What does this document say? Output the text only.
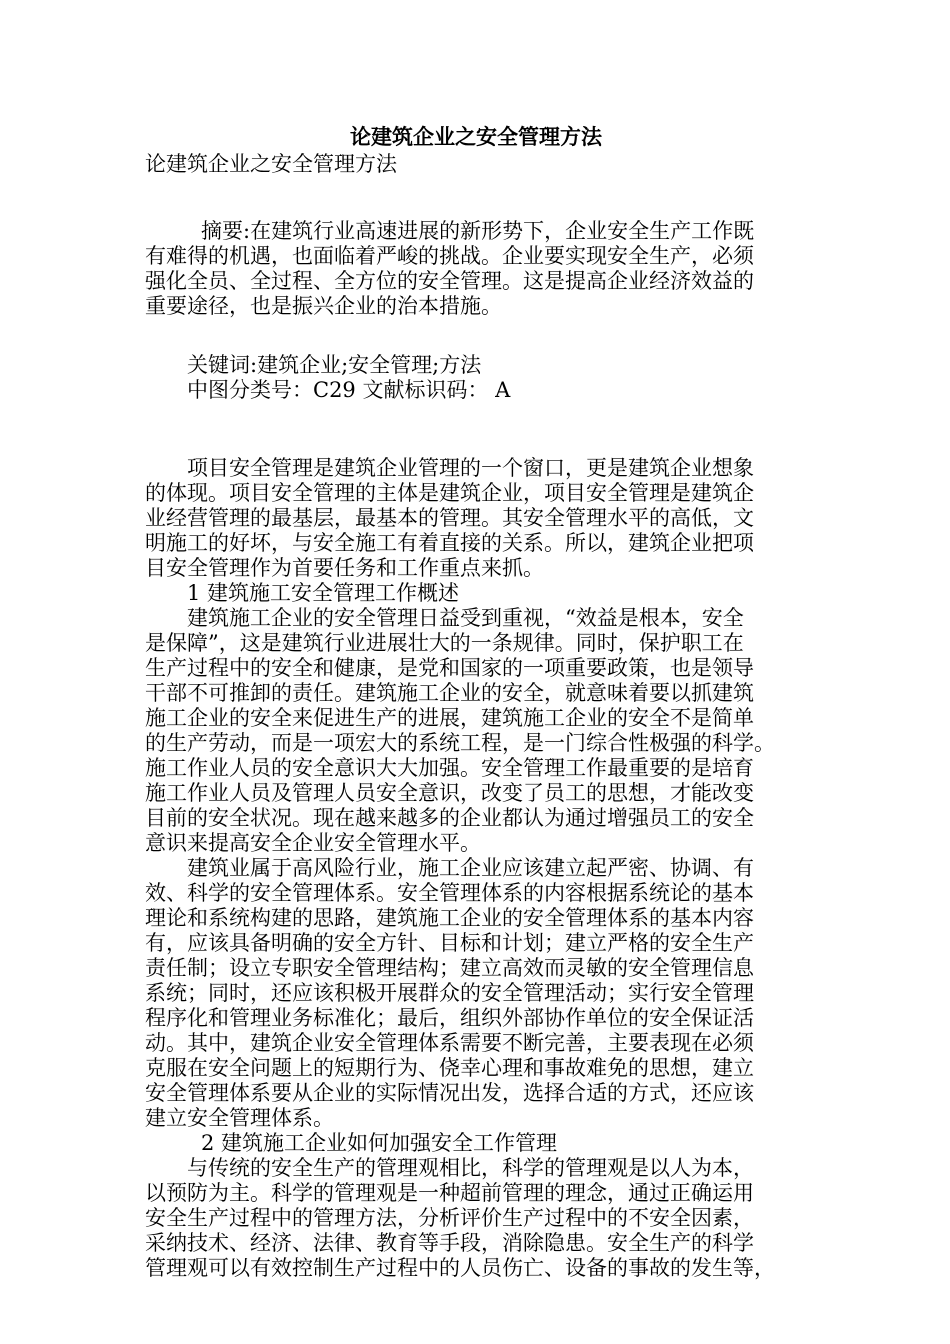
论建筑企业之安全管理方法
论建筑企业之安全管理方法
摘要:在建筑行业高速进展的新形势下，企业安全生产工作既
有难得的机遇，也面临着严峻的挑战。企业要实现安全生产，必须
强化全员、全过程、全方位的安全管理。这是提高企业经济效益的
重要途径，也是振兴企业的治本措施。
关键词:建筑企业;安全管理;方法
中图分类号：C29 文献标识码： A
项目安全管理是建筑企业管理的一个窗口，更是建筑企业想象
的体现。项目安全管理的主体是建筑企业，项目安全管理是建筑企
业经营管理的最基层，最基本的管理。其安全管理水平的高低，文
明施工的好坏，与安全施工有着直接的关系。所以，建筑企业把项
目安全管理作为首要任务和工作重点来抓。
1 建筑施工安全管理工作概述
建筑施工企业的安全管理日益受到重视，“效益是根本，安全
是保障”，这是建筑行业进展壮大的一条规律。同时，保护职工在
生产过程中的安全和健康，是党和国家的一项重要政策，也是领导
干部不可推卸的责任。建筑施工企业的安全，就意味着要以抓建筑
施工企业的安全来促进生产的进展，建筑施工企业的安全不是简单
的生产劳动，而是一项宏大的系统工程，是一门综合性极强的科学。
施工作业人员的安全意识大大加强。安全管理工作最重要的是培育
施工作业人员及管理人员安全意识，改变了员工的思想，才能改变
目前的安全状况。现在越来越多的企业都认为通过增强员工的安全
意识来提高安全企业安全管理水平。
建筑业属于高风险行业，施工企业应该建立起严密、协调、有
效、科学的安全管理体系。安全管理体系的内容根据系统论的基本
理论和系统构建的思路，建筑施工企业的安全管理体系的基本内容
有，应该具备明确的安全方针、目标和计划；建立严格的安全生产
责任制；设立专职安全管理结构；建立高效而灵敏的安全管理信息
系统；同时，还应该积极开展群众的安全管理活动；实行安全管理
程序化和管理业务标准化；最后，组织外部协作单位的安全保证活
动。其中，建筑企业安全管理体系需要不断完善，主要表现在必须
克服在安全问题上的短期行为、侥幸心理和事故难免的思想，建立
安全管理体系要从企业的实际情况出发，选择合适的方式，还应该
建立安全管理体系。
2 建筑施工企业如何加强安全工作管理
与传统的安全生产的管理观相比，科学的管理观是以人为本，
以预防为主。科学的管理观是一种超前管理的理念，通过正确运用
安全生产过程中的管理方法，分析评价生产过程中的不安全因素，
采纳技术、经济、法律、教育等手段，消除隐患。安全生产的科学
管理观可以有效控制生产过程中的人员伤亡、设备的事故的发生等，
